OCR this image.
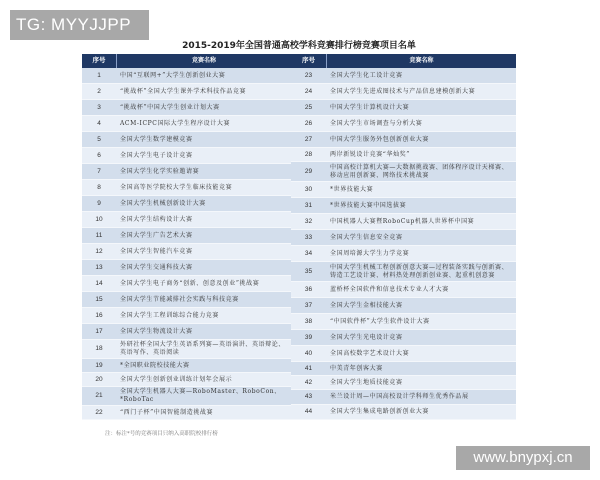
TG: MYYJJPP
2015-2019年全国普通高校学科竞赛排行榜竞赛项目名单
序号	竞赛名称
1	中国“互联网+”大学生创新创业大赛
2	“挑战杯”全国大学生课外学术科技作品竞赛
3	“挑战杯”中国大学生创业计划大赛
4	ACM-ICPC国际大学生程序设计大赛
5	全国大学生数学建模竞赛
6	全国大学生电子设计竞赛
7	全国大学生化学实验邀请赛
8	全国高等医学院校大学生临床技能竞赛
9	全国大学生机械创新设计大赛
10	全国大学生结构设计大赛
11	全国大学生广告艺术大赛
12	全国大学生智能汽车竞赛
13	全国大学生交通科技大赛
14	全国大学生电子商务“创新、创意及创业”挑战赛
15	全国大学生节能减排社会实践与科技竞赛
16	全国大学生工程训练综合能力竞赛
17	全国大学生物流设计大赛
18
外研社杯全国大学生英语系列赛—英语演讲、英语辩论、英语写作、英语阅读
19	*全国职业院校技能大赛
20	全国大学生创新创业训练计划年会展示
21
全国大学生机器人大赛—RoboMaster、RoboCon、*RoboTac
22	“西门子杯”中国智能制造挑战赛
序号	竞赛名称
23	全国大学生化工设计竞赛
24	全国大学生先进成图技术与产品信息建模创新大赛
25	中国大学生计算机设计大赛
26	全国大学生市场调查与分析大赛
27	中国大学生服务外包创新创业大赛
28	两岸新锐设计竞赛“华灿奖”
29
中国高校计算机大赛—大数据挑战赛、团体程序设计天梯赛、移动应用创新赛、网络技术挑战赛
30	*世界技能大赛
31	*世界技能大赛中国选拔赛
32	中国机器人大赛暨RoboCup机器人世界杯中国赛
33	全国大学生信息安全竞赛
34	全国周培源大学生力学竞赛
35
中国大学生机械工程创新创意大赛—过程装备实践与创新赛、铸造工艺设计赛、材料热处理创新创业赛、起重机创意赛
36	蓝桥杯全国软件和信息技术专业人才大赛
37	全国大学生金相技能大赛
38	“中国软件杯”大学生软件设计大赛
39	全国大学生光电设计竞赛
40	全国高校数字艺术设计大赛
41	中美青年创客大赛
42	全国大学生地质技能竞赛
43	米兰设计周—中国高校设计学科师生优秀作品展
44	全国大学生集成电路创新创业大赛
注：标注*号的竞赛项目只纳入高职院校排行榜
www.bnypxj.cn
